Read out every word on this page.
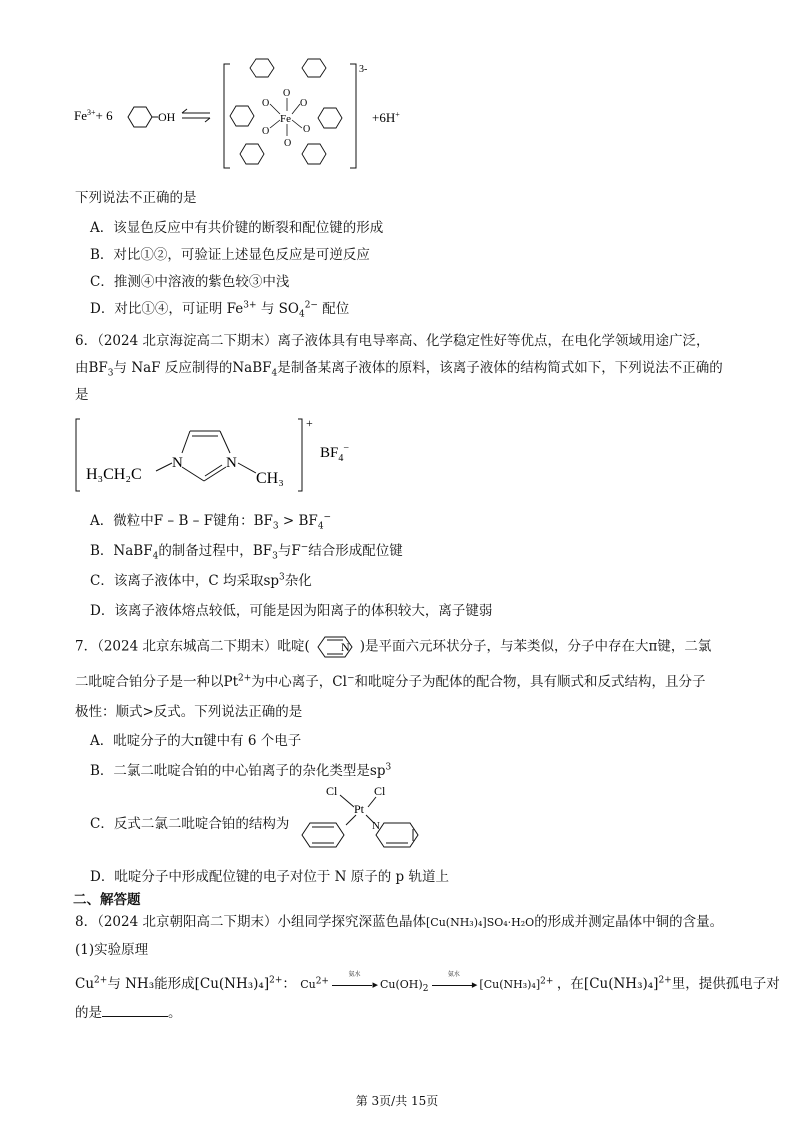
$Fe^{3+}+ 6$	OH
3-
Fe
O	O
O	O
O
O
+6H+
下列说法不正确的是
A．该显色反应中有共价键的断裂和配位键的形成
B．对比①②，可验证上述显色反应是可逆反应
C．推测④中溶液的紫色较③中浅
D．对比①④，可证明 $Fe^{3+}$ 与 $SO_4^{2-}$ 配位
6．（2024 北京海淀高二下期末）离子液体具有电导率高、化学稳定性好等优点，在电化学领域用途广泛，
由$BF_3$与 NaF 反应制得的NaBF$_4$是制备某离子液体的原料，该离子液体的结构简式如下，下列说法不正确的
是
+
H₃CH₂C
N	N
CH₃
$BF_4^-$
A．微粒中F – B – F键角：$BF_3 > BF_4^-$
B．NaBF$_4$的制备过程中，$BF_3$与F−结合形成配位键
C．该离子液体中，C 均采取$sp^3$杂化
D．该离子液体熔点较低，可能是因为阳离子的体积较大，离子键弱
7．（2024 北京东城高二下期末）吡啶(	N )是平面六元环状分子，与苯类似，分子中存在大π键，二氯
二吡啶合铂分子是一种以$Pt^{2+}$为中心离子，Cl−和吡啶分子为配体的配合物，具有顺式和反式结构，且分子
极性：顺式>反式。下列说法正确的是
A．吡啶分子的大π键中有 6 个电子
B．二氯二吡啶合铂的中心铂离子的杂化类型是$sp^3$
C．反式二氯二吡啶合铂的结构为
Cl	Cl
Pt
N
D．吡啶分子中形成配位键的电子对位于 N 原子的 p 轨道上
二、解答题
8．（2024 北京朝阳高二下期末）小组同学探究深蓝色晶体[Cu(NH₃)₄]SO₄·H₂O的形成并测定晶体中铜的含量。
(1)实验原理
$Cu^{2+}$与 NH₃能形成$[Cu(NH_3)_4]^{2+}$： $Cu^{2+}$
氨水
▸ $Cu(OH)_2$
氨水
▸ $[Cu(NH_3)_4]^{2+}$ ，在$[Cu(NH_3)_4]^{2+}$里，提供孤电子对
的是	。
第 3页/共 15页
